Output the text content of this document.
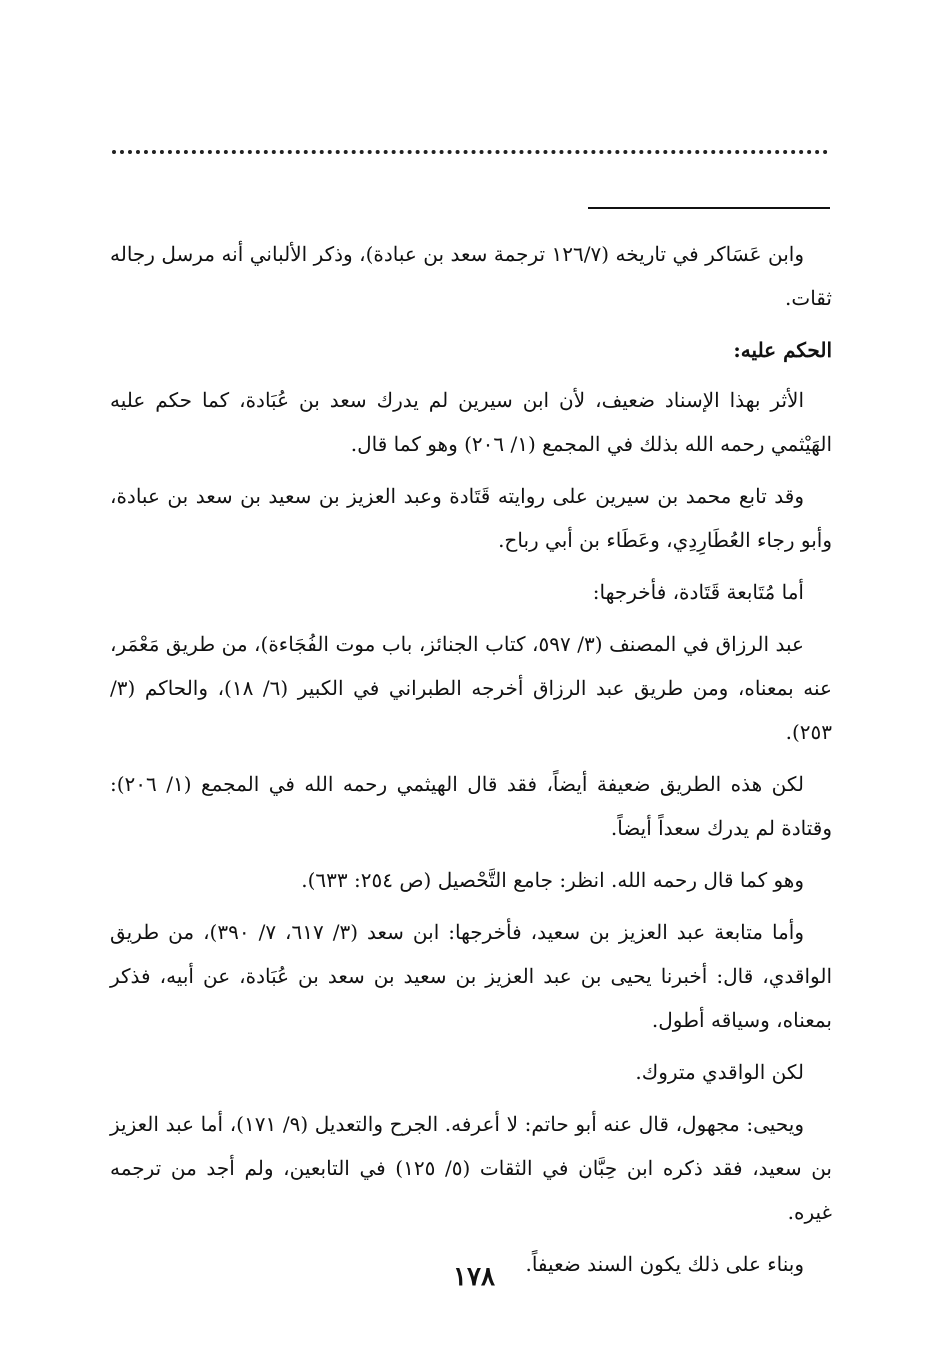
وابن عَسَاكر في تاريخه (١٢٦/٧ ترجمة سعد بن عبادة)، وذكر الألباني أنه مرسل رجاله ثقات.

الحكم عليه:

الأثر بهذا الإسناد ضعيف، لأن ابن سيرين لم يدرك سعد بن عُبَادة، كما حكم عليه الهَيْثمي رحمه الله بذلك في المجمع (١/ ٢٠٦) وهو كما قال.

وقد تابع محمد بن سيرين على روايته قَتَادة وعبد العزيز بن سعيد بن سعد بن عبادة، وأبو رجاء العُطَارِدِي، وعَطَاء بن أبي رباح.

أما مُتَابعة قَتَادة، فأخرجها:

عبد الرزاق في المصنف (٣/ ٥٩٧، كتاب الجنائز، باب موت الفُجَاءة)، من طريق مَعْمَر، عنه بمعناه، ومن طريق عبد الرزاق أخرجه الطبراني في الكبير (٦/ ١٨)، والحاكم (٣/ ٢٥٣).

لكن هذه الطريق ضعيفة أيضاً، فقد قال الهيثمي رحمه الله في المجمع (١/ ٢٠٦): وقتادة لم يدرك سعداً أيضاً.

وهو كما قال رحمه الله. انظر: جامع التَّحْصيل (ص ٢٥٤: ٦٣٣).

وأما متابعة عبد العزيز بن سعيد، فأخرجها: ابن سعد (٣/ ٦١٧، ٧/ ٣٩٠)، من طريق الواقدي، قال: أخبرنا يحيى بن عبد العزيز بن سعيد بن سعد بن عُبَادة، عن أبيه، فذكر بمعناه، وسياقه أطول.

لكن الواقدي متروك.

ويحيى: مجهول، قال عنه أبو حاتم: لا أعرفه. الجرح والتعديل (٩/ ١٧١)، أما عبد العزيز بن سعيد، فقد ذكره ابن حِبَّان في الثقات (٥/ ١٢٥) في التابعين، ولم أجد من ترجمه غيره.

وبناء على ذلك يكون السند ضعيفاً.

١٧٨
